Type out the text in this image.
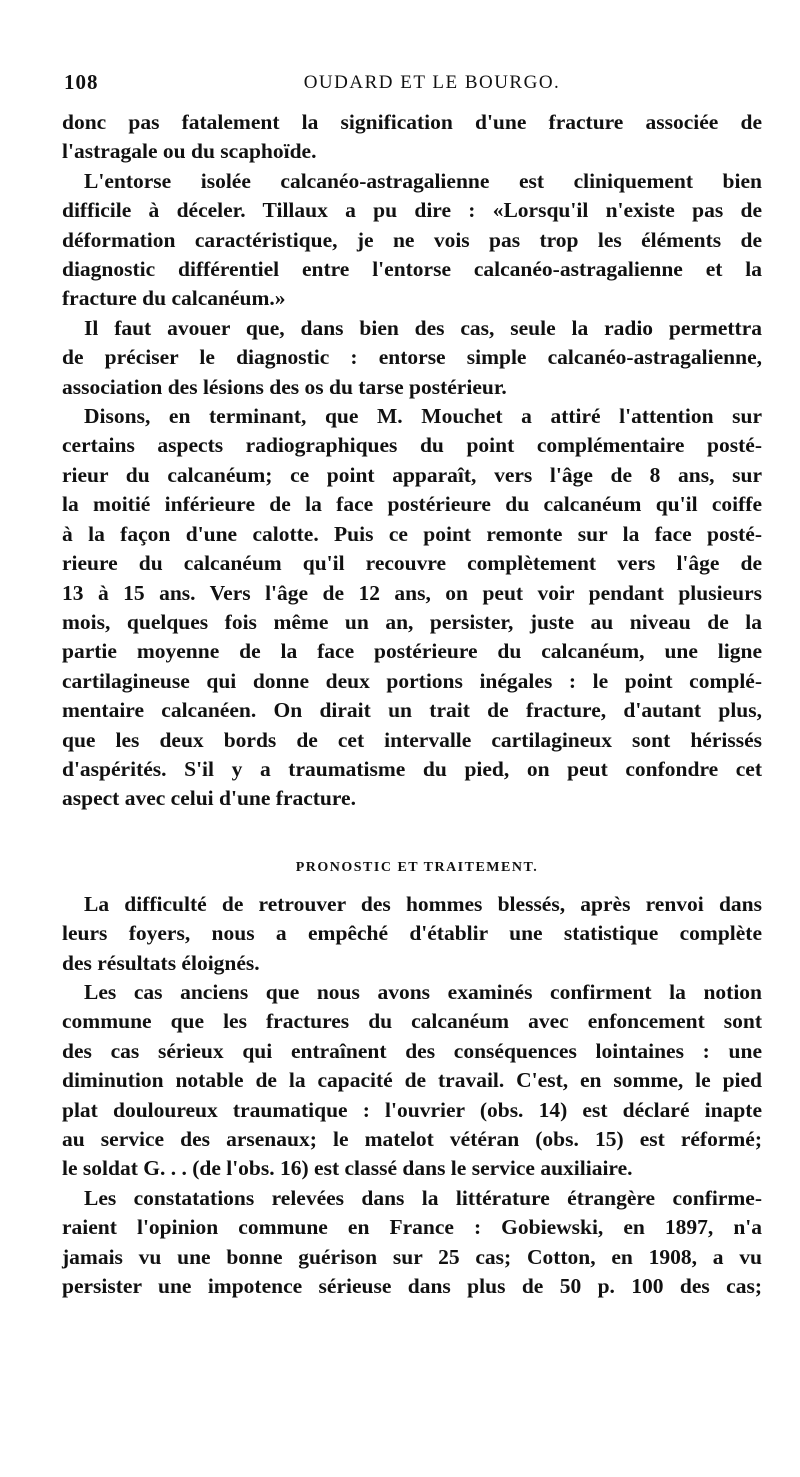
108	OUDARD ET LE BOURGO.
donc pas fatalement la signification d'une fracture associée de
l'astragale ou du scaphoïde.
L'entorse isolée calcanéo-astragalienne est cliniquement bien
difficile à déceler. Tillaux a pu dire : «Lorsqu'il n'existe pas de
déformation caractéristique, je ne vois pas trop les éléments de
diagnostic différentiel entre l'entorse calcanéo-astragalienne et la
fracture du calcanéum.»
Il faut avouer que, dans bien des cas, seule la radio permettra
de préciser le diagnostic : entorse simple calcanéo-astragalienne,
association des lésions des os du tarse postérieur.
Disons, en terminant, que M. Mouchet a attiré l'attention sur
certains aspects radiographiques du point complémentaire posté-
rieur du calcanéum; ce point apparaît, vers l'âge de 8 ans, sur
la moitié inférieure de la face postérieure du calcanéum qu'il coiffe
à la façon d'une calotte. Puis ce point remonte sur la face posté-
rieure du calcanéum qu'il recouvre complètement vers l'âge de
13 à 15 ans. Vers l'âge de 12 ans, on peut voir pendant plusieurs
mois, quelques fois même un an, persister, juste au niveau de la
partie moyenne de la face postérieure du calcanéum, une ligne
cartilagineuse qui donne deux portions inégales : le point complé-
mentaire calcanéen. On dirait un trait de fracture, d'autant plus,
que les deux bords de cet intervalle cartilagineux sont hérissés
d'aspérités. S'il y a traumatisme du pied, on peut confondre cet
aspect avec celui d'une fracture.
PRONOSTIC ET TRAITEMENT.
La difficulté de retrouver des hommes blessés, après renvoi dans
leurs foyers, nous a empêché d'établir une statistique complète
des résultats éloignés.
Les cas anciens que nous avons examinés confirment la notion
commune que les fractures du calcanéum avec enfoncement sont
des cas sérieux qui entraînent des conséquences lointaines : une
diminution notable de la capacité de travail. C'est, en somme, le pied
plat douloureux traumatique : l'ouvrier (obs. 14) est déclaré inapte
au service des arsenaux; le matelot vétéran (obs. 15) est réformé;
le soldat G. . . (de l'obs. 16) est classé dans le service auxiliaire.
Les constatations relevées dans la littérature étrangère confirme-
raient l'opinion commune en France : Gobiewski, en 1897, n'a
jamais vu une bonne guérison sur 25 cas; Cotton, en 1908, a vu
persister une impotence sérieuse dans plus de 50 p. 100 des cas;
